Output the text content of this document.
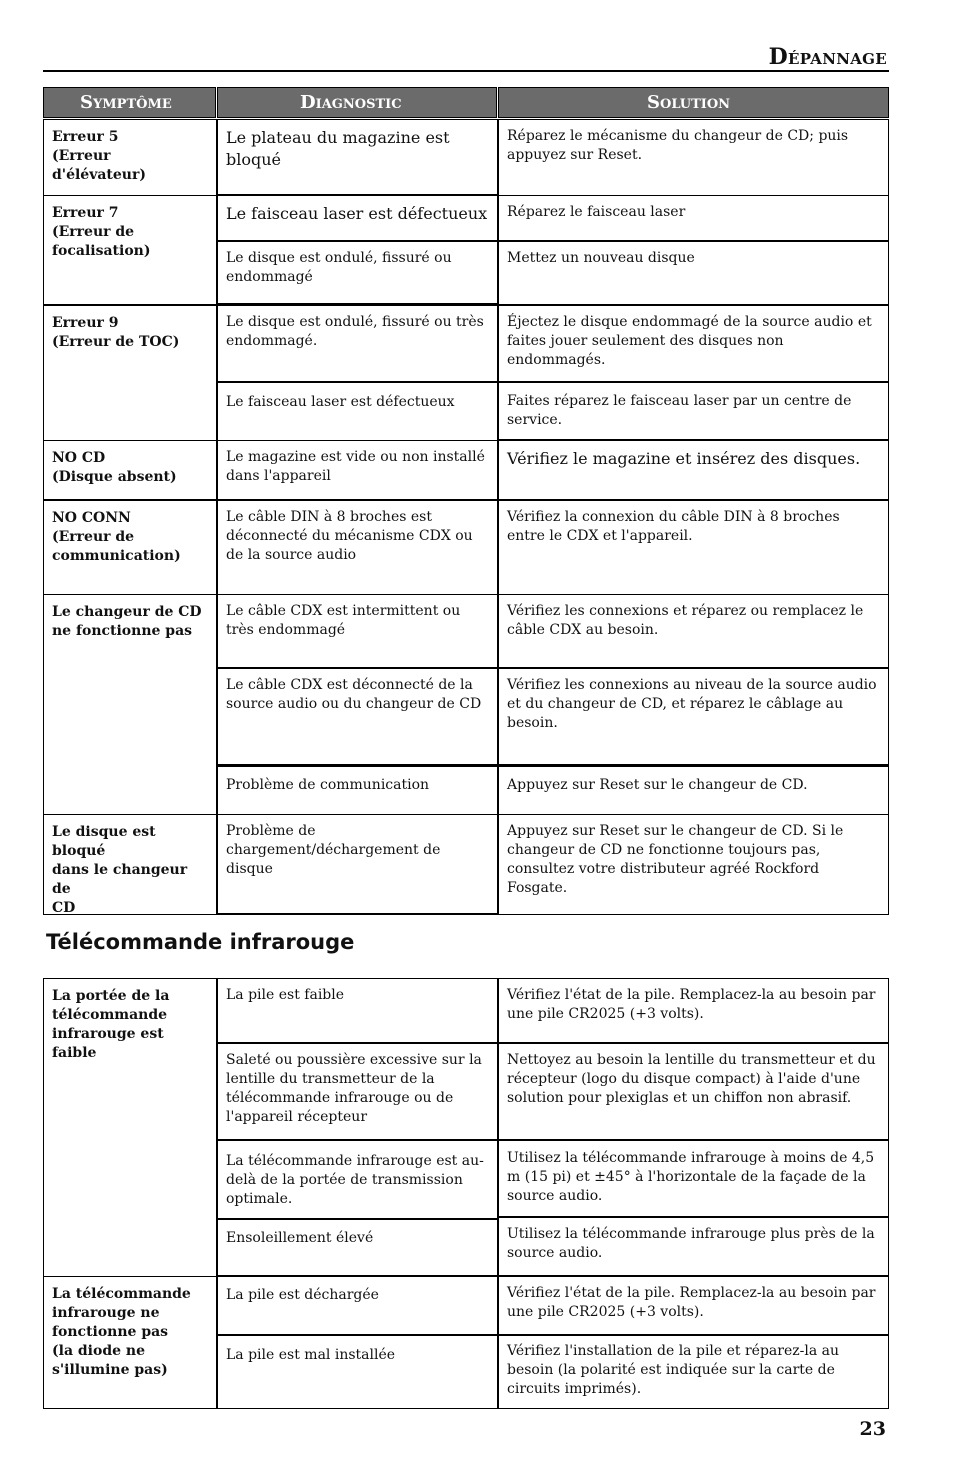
Dépannage
Symptôme	Diagnostic	Solution
Erreur 5
(Erreur d'élévateur)
Erreur 7
(Erreur de
focalisation)
Erreur 9
(Erreur de TOC)
NO CD
(Disque absent)
NO CONN
(Erreur de
communication)
Le changeur de CD
ne fonctionne pas
Le disque est bloqué
dans le changeur de
CD
Le plateau du magazine est bloqué
Le faisceau laser est défectueux
Le disque est ondulé, fissuré ou endommagé
Le disque est ondulé, fissuré ou très endommagé.
Le faisceau laser est défectueux
Le magazine est vide ou non installé dans l'appareil
Le câble DIN à 8 broches est déconnecté du mécanisme CDX ou de la source audio
Le câble CDX est intermittent ou très endommagé
Le câble CDX est déconnecté de la source audio ou du changeur de CD
Problème de communication
Problème de chargement/déchargement de disque
Réparez le mécanisme du changeur de CD; puis appuyez sur Reset.
Réparez le faisceau laser
Mettez un nouveau disque
Éjectez le disque endommagé de la source audio et faites jouer seulement des disques non endommagés.
Faites réparez le faisceau laser par un centre de service.
Vérifiez le magazine et insérez des disques.
Vérifiez la connexion du câble DIN à 8 broches entre le CDX et l'appareil.
Vérifiez les connexions et réparez ou remplacez le câble CDX au besoin.
Vérifiez les connexions au niveau de la source audio et du changeur de CD, et réparez le câblage au besoin.
Appuyez sur Reset sur le changeur de CD.
Appuyez sur Reset sur le changeur de CD. Si le changeur de CD ne fonctionne toujours pas, consultez votre distributeur agréé Rockford Fosgate.
Télécommande infrarouge
La portée de la
télécommande
infrarouge est faible
La télécommande
infrarouge ne
fonctionne pas
(la diode ne
s'illumine pas)
La pile est faible
Saleté ou poussière excessive sur la lentille du transmetteur de la télécommande infrarouge ou de l'appareil récepteur
La télécommande infrarouge est au-delà de la portée de transmission optimale.
Ensoleillement élevé
La pile est déchargée
La pile est mal installée
Vérifiez l'état de la pile. Remplacez-la au besoin par une pile CR2025 (+3 volts).
Nettoyez au besoin la lentille du transmetteur et du récepteur (logo du disque compact) à l'aide d'une solution pour plexiglas et un chiffon non abrasif.
Utilisez la télécommande infrarouge à moins de 4,5 m (15 pi) et ±45° à l'horizontale de la façade de la source audio.
Utilisez la télécommande infrarouge plus près de la source audio.
Vérifiez l'état de la pile. Remplacez-la au besoin par une pile CR2025 (+3 volts).
Vérifiez l'installation de la pile et réparez-la au besoin (la polarité est indiquée sur la carte de circuits imprimés).
23
